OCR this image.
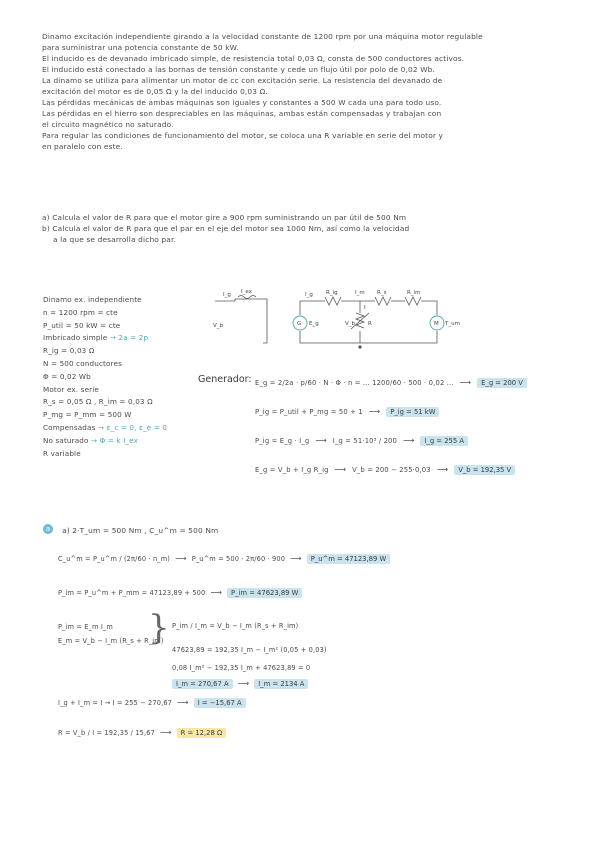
Dinamo excitación independiente girando a la velocidad constante de 1200 rpm por una máquina motor regulable
para suministrar una potencia constante de 50 kW.
El inducido es de devanado imbricado simple, de resistencia total 0,03 Ω, consta de 500 conductores activos.
El inducido está conectado a las bornas de tensión constante y cede un flujo útil por polo de 0,02 Wb.
La dinamo se utiliza para alimentar un motor de cc con excitación serie. La resistencia del devanado de
excitación del motor es de 0,05 Ω y la del inducido 0,03 Ω.
Las pérdidas mecánicas de ambas máquinas son iguales y constantes a 500 W cada una para todo uso.
Las pérdidas en el hierro son despreciables en las máquinas, ambas están compensadas y trabajan con
el circuito magnético no saturado.
Para regular las condiciones de funcionamiento del motor, se coloca una R variable en serie del motor y
en paralelo con este.
a) Calcula el valor de R para que el motor gire a 900 rpm suministrando un par útil de 500 Nm
b) Calcula el valor de R para que el par en el eje del motor sea 1000 Nm, así como la velocidad
a la que se desarrolla dicho par.
Dinamo ex. independiente
n = 1200 rpm = cte
P_util = 50 kW = cte
Imbricado simple → 2a = 2p
R_ig = 0,03 Ω
N = 500 conductores
Φ = 0,02 Wb
Motor ex. serie
R_s = 0,05 Ω , R_im = 0,03 Ω
P_mg = P_mm = 500 W
Compensadas → ε_c = 0, ε_e = 0
No saturado → Φ = k I_ex
R variable
G	M
I_g I_ex	I_g R_ig	I_m R_s	R_im
I
R
E_g	V_b
V_b	T_um
Generador: E_g = 2/2a · p/60 · N · Φ · n = ... 1200/60 · 500 · 0,02 ... ⟶	E_g = 200 V
P_ig = P_util + P_mg = 50 + 1 ⟶	P_ig = 51 kW
P_ig = E_g · I_g ⟶ I_g = 51·10³ / 200 ⟶	I_g = 255 A
E_g = V_b + I_g R_ig ⟶ V_b = 200 − 255·0,03 ⟶	V_b = 192,35 V
a a) 2·T_um = 500 Nm , C_u^m = 500 Nm
C_u^m = P_u^m / (2π/60 · n_m) ⟶ P_u^m = 500 · 2π/60 · 900 ⟶ P_u^m = 47123,89 W
P_im = P_u^m + P_mm = 47123,89 + 500 ⟶ P_im = 47623,89 W
P_im = E_m I_m
E_m = V_b − I_m (R_s + R_im)
} P_im / I_m = V_b − I_m (R_s + R_im)
47623,89 = 192,35 I_m − I_m² (0,05 + 0,03)
0,08 I_m² − 192,35 I_m + 47623,89 = 0
I_m = 270,67 A ⟶ I_m = 2134 A
I_g + I_m = I → I = 255 − 270,67 ⟶ I = −15,67 A
R = V_b / I = 192,35 / 15,67 ⟶ R = 12,28 Ω
